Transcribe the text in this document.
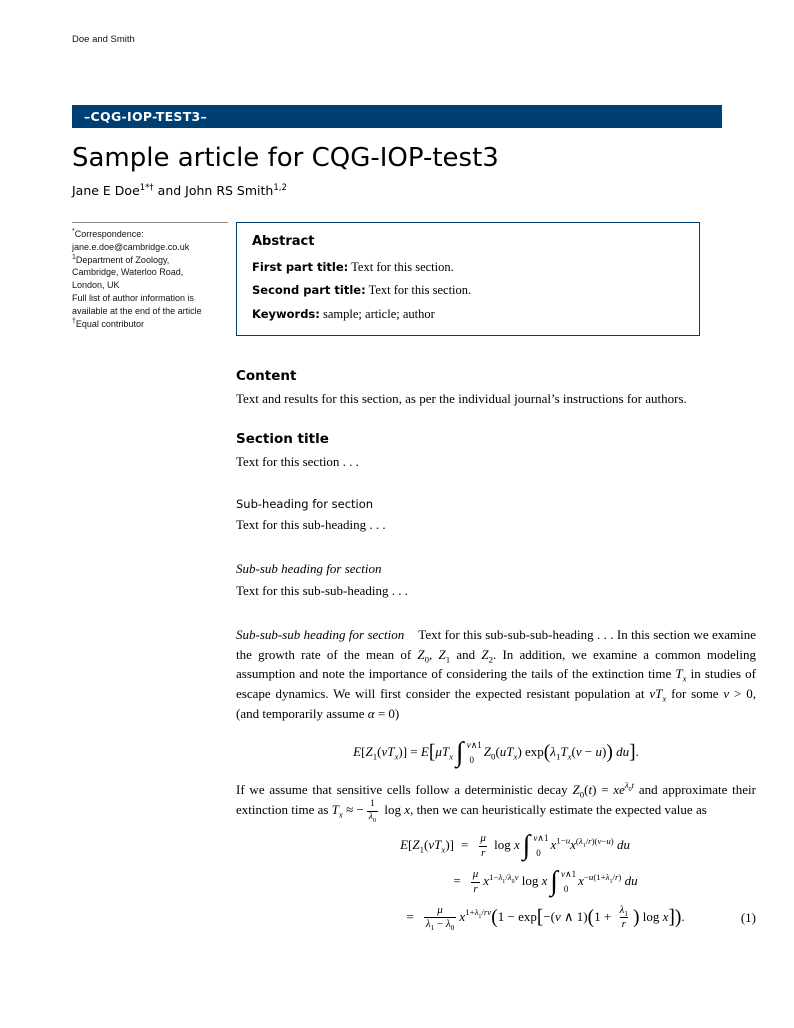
Doe and Smith
–CQG-IOP-TEST3–
Sample article for CQG-IOP-test3
Jane E Doe$^{1*\dagger}$ and John RS Smith$^{1,2}$

*Correspondence:
jane.e.doe@cambridge.co.uk

$^1$Department of Zoology,
Cambridge, Waterloo Road,
London, UK

Full list of author information is
available at the end of the article

†Equal contributor

Abstract

First part title: Text for this section.

Second part title: Text for this section.

Keywords: sample; article; author

Content

Text and results for this section, as per the individual journal’s instructions for authors.

Section title

Text for this section . . .

Sub-heading for section

Text for this sub-heading . . .

Sub-sub heading for section

Text for this sub-sub-heading . . .

Sub-sub-sub heading for section Text for this sub-sub-sub-heading . . . In this section we examine the growth rate of the mean of $Z_0$, $Z_1$ and $Z_2$. In addition, we examine a common modeling assumption and note the importance of considering the tails of the extinction time $T_x$ in studies of escape dynamics. We will first consider the expected resistant population at $vT_x$ for some v > 0, (and temporarily assume α = 0)

$E[Z_1(vT_x)] = E[\mu T_x$ ∫ v∧1
0
$Z_0(uT_x) \exp(\lambda_1T_x(v - u))$ du].

If we assume that sensitive cells follow a deterministic decay $Z_0(t) = xe^{\lambda_0t}$ and approximate their extinction time as $T_x$ ≈ − $\frac{1}{\lambda_0}$ log x, then we can heuristically estimate the expected value as

$E[Z_1(vT_x)] = \frac{\mu}{r}$ log x ∫ v∧1
0
$x^{1-u}x^{(\lambda_1/r)(v-u)}$ du
= $\frac{\mu}{r} x^{1-\lambda_1/\lambda_0v}$ log x ∫ v∧1
0
$x^{-u(1+\lambda_1/r)}$ du
= $\frac{\mu}{\lambda_1 - \lambda_0} x^{1+\lambda_1/rv}(1 - \exp[-(v$ ∧ $1)(1 + \frac{\lambda_1}{r}$ ) log x]).	(1)
